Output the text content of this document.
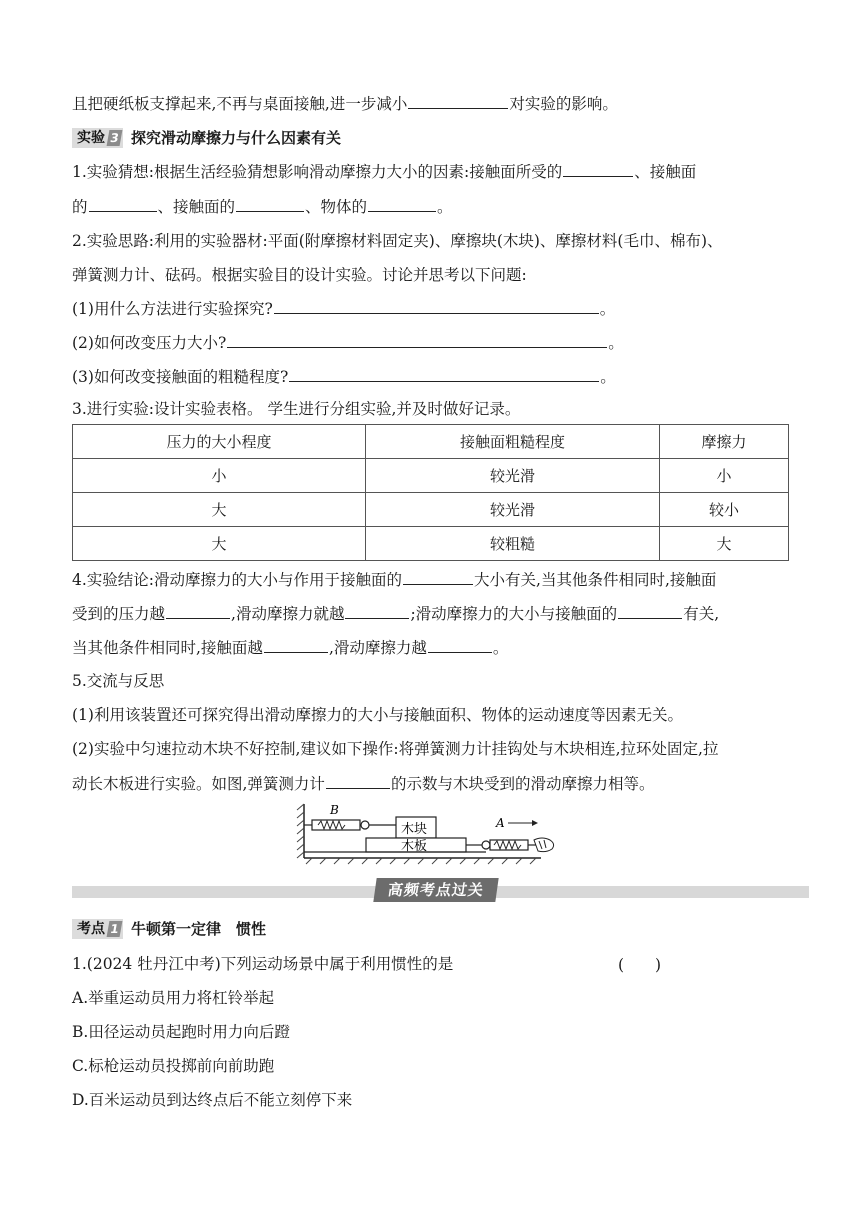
且把硬纸板支撑起来,不再与桌面接触,进一步减小	对实验的影响。
实验 3 探究滑动摩擦力与什么因素有关
1.实验猜想:根据生活经验猜想影响滑动摩擦力大小的因素:接触面所受的	、接触面
的	、接触面的	、物体的	。
2.实验思路:利用的实验器材:平面(附摩擦材料固定夹)、摩擦块(木块)、摩擦材料(毛巾、棉布)、
弹簧测力计、砝码。根据实验目的设计实验。讨论并思考以下问题:
(1)用什么方法进行实验探究?	。
(2)如何改变压力大小?	。
(3)如何改变接触面的粗糙程度?	。
3.进行实验:设计实验表格。 学生进行分组实验,并及时做好记录。
压力的大小程度	接触面粗糙程度	摩擦力
小	较光滑	小
大	较光滑	较小
大	较粗糙	大
4.实验结论:滑动摩擦力的大小与作用于接触面的	大小有关,当其他条件相同时,接触面
受到的压力越	,滑动摩擦力就越	;滑动摩擦力的大小与接触面的	有关,
当其他条件相同时,接触面越	,滑动摩擦力越	。
5.交流与反思
(1)利用该装置还可探究得出滑动摩擦力的大小与接触面积、物体的运动速度等因素无关。
(2)实验中匀速拉动木块不好控制,建议如下操作:将弹簧测力计挂钩处与木块相连,拉环处固定,拉
动长木板进行实验。如图,弹簧测力计	的示数与木块受到的滑动摩擦力相等。
B
木块
木板
A
高频考点过关
考点 1 牛顿第一定律　惯性
1.(2024 牡丹江中考)下列运动场景中属于利用惯性的是	(　　)
A.举重运动员用力将杠铃举起
B.田径运动员起跑时用力向后蹬
C.标枪运动员投掷前向前助跑
D.百米运动员到达终点后不能立刻停下来
